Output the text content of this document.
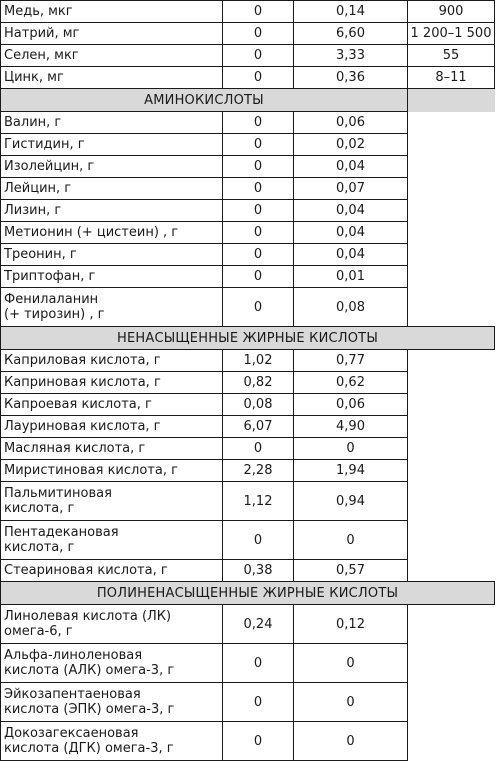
Медь, мкг	0	0,14	900
Натрий, мг	0	6,60	1 200–1 500
Селен, мкг	0	3,33	55
Цинк, мг	0	0,36	8–11
АМИНОКИСЛОТЫ			
Валин, г	0	0,06	
Гистидин, г	0	0,02	
Изолейцин, г	0	0,04	
Лейцин, г	0	0,07	
Лизин, г	0	0,04	
Метионин (+ цистеин) , г	0	0,04	
Треонин, г	0	0,04	
Триптофан, г	0	0,01	

Фенилаланин
(+ тирозин) , г	0	0,08	
НЕНАСЫЩЕННЫЕ ЖИРНЫЕ КИСЛОТЫ			
Каприловая кислота, г	1,02	0,77	
Каприновая кислота, г	0,82	0,62	
Капроевая кислота, г	0,08	0,06	
Лауриновая кислота, г	6,07	4,90	
Масляная кислота, г	0	0	
Миристиновая кислота, г	2,28	1,94	

Пальмитиновая
кислота, г	1,12	0,94	

Пентадекановая
кислота, г	0	0	
Стеариновая кислота, г	0,38	0,57	
ПОЛИНЕНАСЫЩЕННЫЕ ЖИРНЫЕ КИСЛОТЫ			

Линолевая кислота (ЛК)
омега-6, г	0,24	0,12	

Альфа-линоленовая
кислота (АЛК) омега-3, г	0	0	

Эйкозапентаеновая
кислота (ЭПК) омега-3, г	0	0	

Докозагексаеновая
кислота (ДГК) омега-3, г	0	0	
